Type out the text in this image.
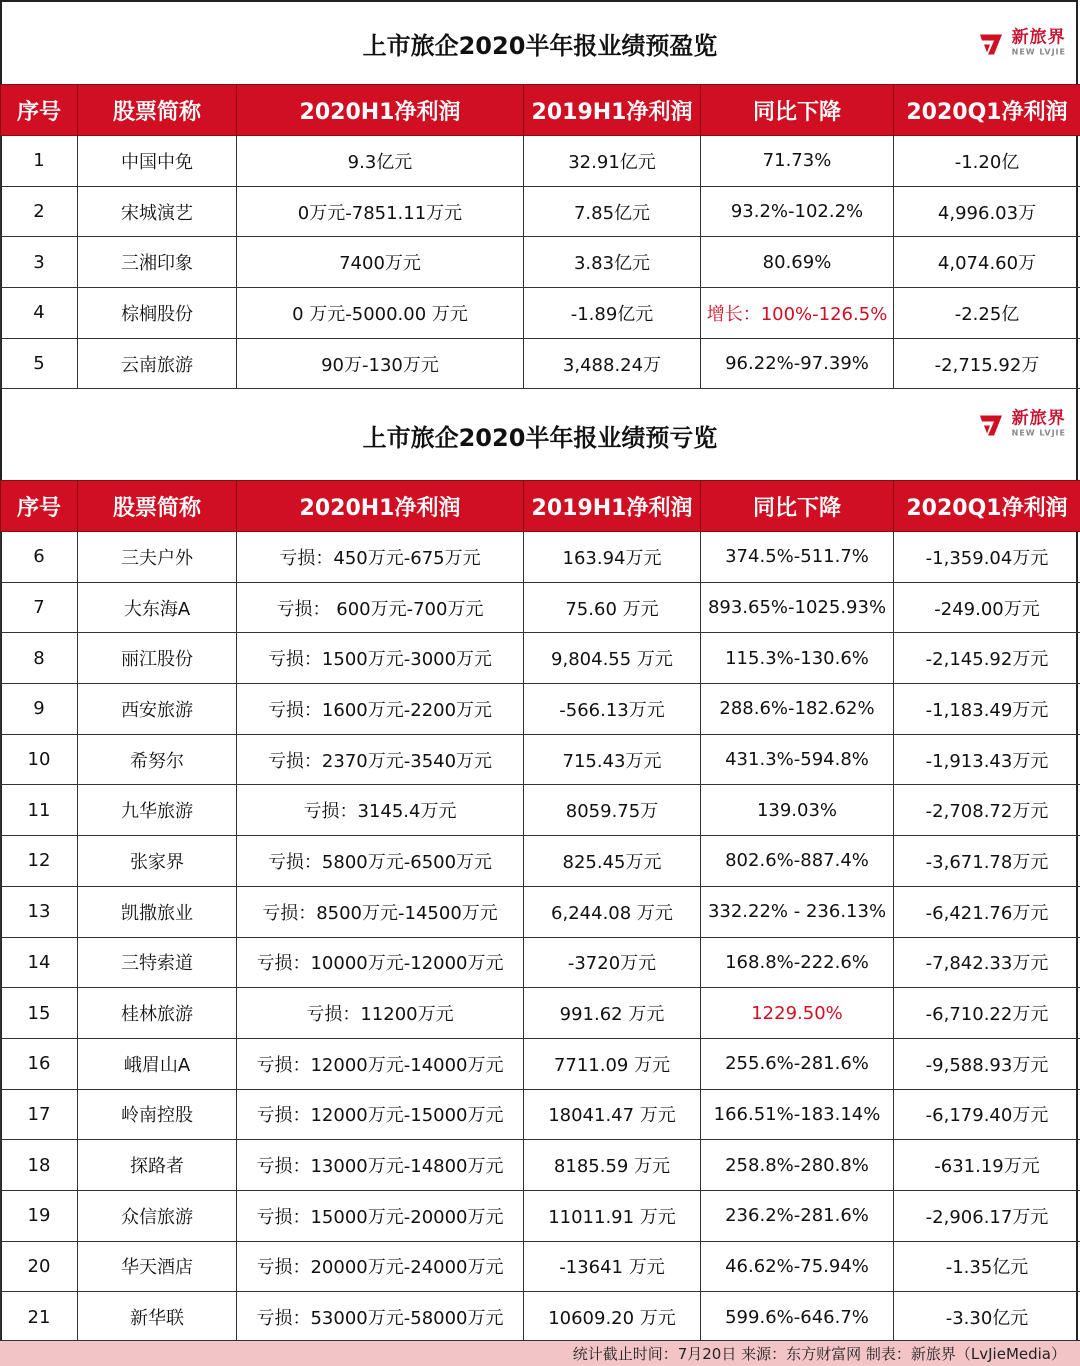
上市旅企2020半年报业绩预盈览	新旅界
NEW LVJIE
序号	股票简称	2020H1净利润	2019H1净利润	同比下降	2020Q1净利润
1	中国中免	9.3亿元	32.91亿元	71.73%	-1.20亿
2	宋城演艺	0万元-7851.11万元	7.85亿元	93.2%-102.2%	4,996.03万
3	三湘印象	7400万元	3.83亿元	80.69%	4,074.60万
4	棕榈股份	0 万元-5000.00 万元	-1.89亿元	增长：100%-126.5%	-2.25亿
5	云南旅游	90万-130万元	3,488.24万	96.22%-97.39%	-2,715.92万
上市旅企2020半年报业绩预亏览
新旅界
NEW LVJIE
序号	股票简称	2020H1净利润	2019H1净利润	同比下降	2020Q1净利润
6	三夫户外	亏损：450万元-675万元	163.94万元	374.5%-511.7%	-1,359.04万元
7	大东海A	亏损： 600万元-700万元	75.60 万元	893.65%-1025.93%	-249.00万元
8	丽江股份	亏损：1500万元-3000万元	9,804.55 万元	115.3%-130.6%	-2,145.92万元
9	西安旅游	亏损：1600万元-2200万元	-566.13万元	288.6%-182.62%	-1,183.49万元
10	希努尔	亏损：2370万元-3540万元	715.43万元	431.3%-594.8%	-1,913.43万元
11	九华旅游	亏损：3145.4万元	8059.75万	139.03%	-2,708.72万元
12	张家界	亏损：5800万元-6500万元	825.45万元	802.6%-887.4%	-3,671.78万元
13	凯撒旅业	亏损：8500万元-14500万元	6,244.08 万元	332.22% - 236.13%	-6,421.76万元
14	三特索道	亏损：10000万元-12000万元	-3720万元	168.8%-222.6%	-7,842.33万元
15	桂林旅游	亏损：11200万元	991.62 万元	1229.50%	-6,710.22万元
16	峨眉山A	亏损：12000万元-14000万元	7711.09 万元	255.6%-281.6%	-9,588.93万元
17	岭南控股	亏损：12000万元-15000万元	18041.47 万元	166.51%-183.14%	-6,179.40万元
18	探路者	亏损：13000万元-14800万元	8185.59 万元	258.8%-280.8%	-631.19万元
19	众信旅游	亏损：15000万元-20000万元	11011.91 万元	236.2%-281.6%	-2,906.17万元
20	华天酒店	亏损：20000万元-24000万元	-13641 万元	46.62%-75.94%	-1.35亿元
21	新华联	亏损：53000万元-58000万元	10609.20 万元	599.6%-646.7%	-3.30亿元
统计截止时间：7月20日 来源：东方财富网 制表：新旅界（LvJieMedia）
